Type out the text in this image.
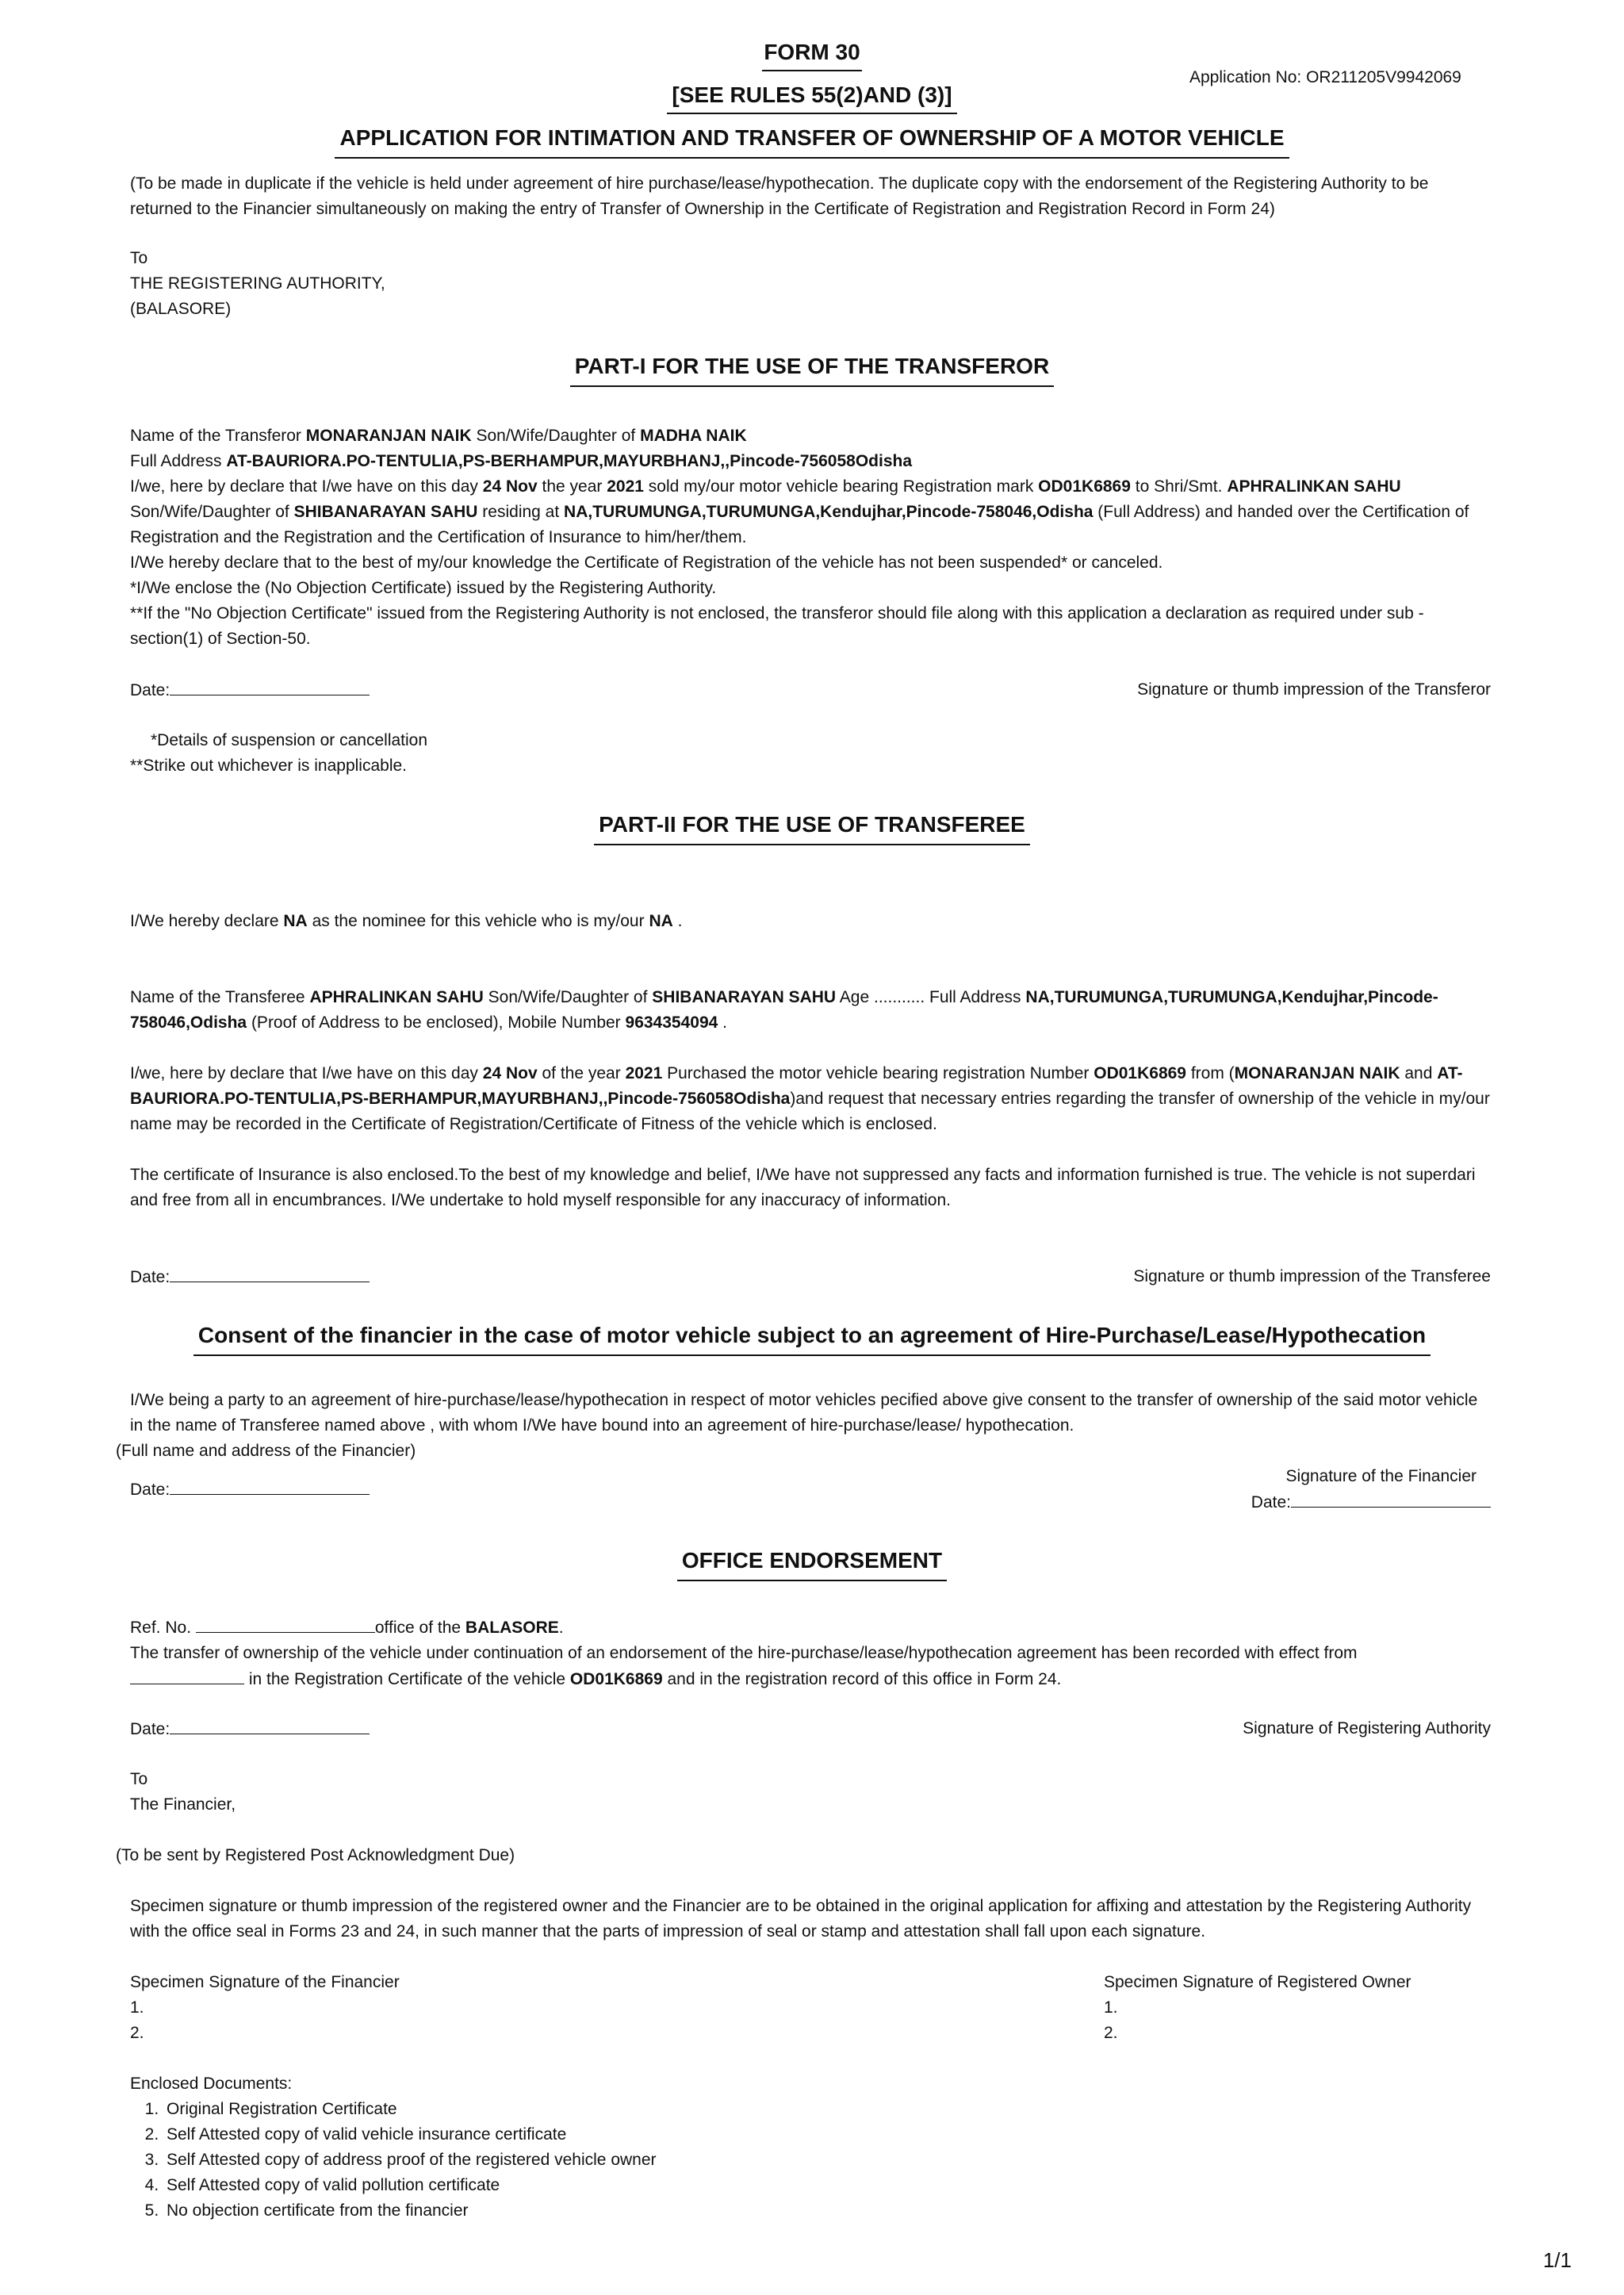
FORM 30
Application No: OR211205V9942069
[SEE RULES 55(2)AND (3)]
APPLICATION FOR INTIMATION AND TRANSFER OF OWNERSHIP OF A MOTOR VEHICLE
(To be made in duplicate if the vehicle is held under agreement of hire purchase/lease/hypothecation. The duplicate copy with the endorsement of the Registering Authority to be returned to the Financier simultaneously on making the entry of Transfer of Ownership in the Certificate of Registration and Registration Record in Form 24)
To
THE REGISTERING AUTHORITY,
(BALASORE)
PART-I FOR THE USE OF THE TRANSFEROR
Name of the Transferor MONARANJAN NAIK Son/Wife/Daughter of MADHA NAIK
Full Address AT-BAURIORA.PO-TENTULIA,PS-BERHAMPUR,MAYURBHANJ,,Pincode-756058Odisha
I/we, here by declare that I/we have on this day 24 Nov the year 2021 sold my/our motor vehicle bearing Registration mark OD01K6869 to Shri/Smt. APHRALINKAN SAHU Son/Wife/Daughter of SHIBANARAYAN SAHU residing at NA,TURUMUNGA,TURUMUNGA,Kendujhar,Pincode-758046,Odisha (Full Address) and handed over the Certification of Registration and the Registration and the Certification of Insurance to him/her/them.
I/We hereby declare that to the best of my/our knowledge the Certificate of Registration of the vehicle has not been suspended* or canceled.
*I/We enclose the (No Objection Certificate) issued by the Registering Authority.
**If the "No Objection Certificate" issued from the Registering Authority is not enclosed, the transferor should file along with this application a declaration as required under sub - section(1) of Section-50.
Date:	Signature or thumb impression of the Transferor
*Details of suspension or cancellation
**Strike out whichever is inapplicable.
PART-II FOR THE USE OF TRANSFEREE
I/We hereby declare NA as the nominee for this vehicle who is my/our NA .
Name of the Transferee APHRALINKAN SAHU Son/Wife/Daughter of SHIBANARAYAN SAHU Age ........... Full Address NA,TURUMUNGA,TURUMUNGA,Kendujhar,Pincode-758046,Odisha (Proof of Address to be enclosed), Mobile Number 9634354094 .
I/we, here by declare that I/we have on this day 24 Nov of the year 2021 Purchased the motor vehicle bearing registration Number OD01K6869 from (MONARANJAN NAIK and AT-BAURIORA.PO-TENTULIA,PS-BERHAMPUR,MAYURBHANJ,,Pincode-756058Odisha)and request that necessary entries regarding the transfer of ownership of the vehicle in my/our name may be recorded in the Certificate of Registration/Certificate of Fitness of the vehicle which is enclosed.
The certificate of Insurance is also enclosed.To the best of my knowledge and belief, I/We have not suppressed any facts and information furnished is true. The vehicle is not superdari and free from all in encumbrances. I/We undertake to hold myself responsible for any inaccuracy of information.
Date:	Signature or thumb impression of the Transferee
Consent of the financier in the case of motor vehicle subject to an agreement of Hire-Purchase/Lease/Hypothecation
I/We being a party to an agreement of hire-purchase/lease/hypothecation in respect of motor vehicles pecified above give consent to the transfer of ownership of the said motor vehicle in the name of Transferee named above , with whom I/We have bound into an agreement of hire-purchase/lease/ hypothecation.
(Full name and address of the Financier)
Signature of the Financier
Date:
Date:
OFFICE ENDORSEMENT
Ref. No.	office of the BALASORE.
The transfer of ownership of the vehicle under continuation of an endorsement of the hire-purchase/lease/hypothecation agreement has been recorded with effect from
in the Registration Certificate of the vehicle OD01K6869 and in the registration record of this office in Form 24.
Date:	Signature of Registering Authority
To
The Financier,
(To be sent by Registered Post Acknowledgment Due)
Specimen signature or thumb impression of the registered owner and the Financier are to be obtained in the original application for affixing and attestation by the Registering Authority with the office seal in Forms 23 and 24, in such manner that the parts of impression of seal or stamp and attestation shall fall upon each signature.
Specimen Signature of the Financier
1.
2.
Specimen Signature of Registered Owner
1.
2.
Enclosed Documents:
1. Original Registration Certificate
2. Self Attested copy of valid vehicle insurance certificate
3. Self Attested copy of address proof of the registered vehicle owner
4. Self Attested copy of valid pollution certificate
5. No objection certificate from the financier
1/1
